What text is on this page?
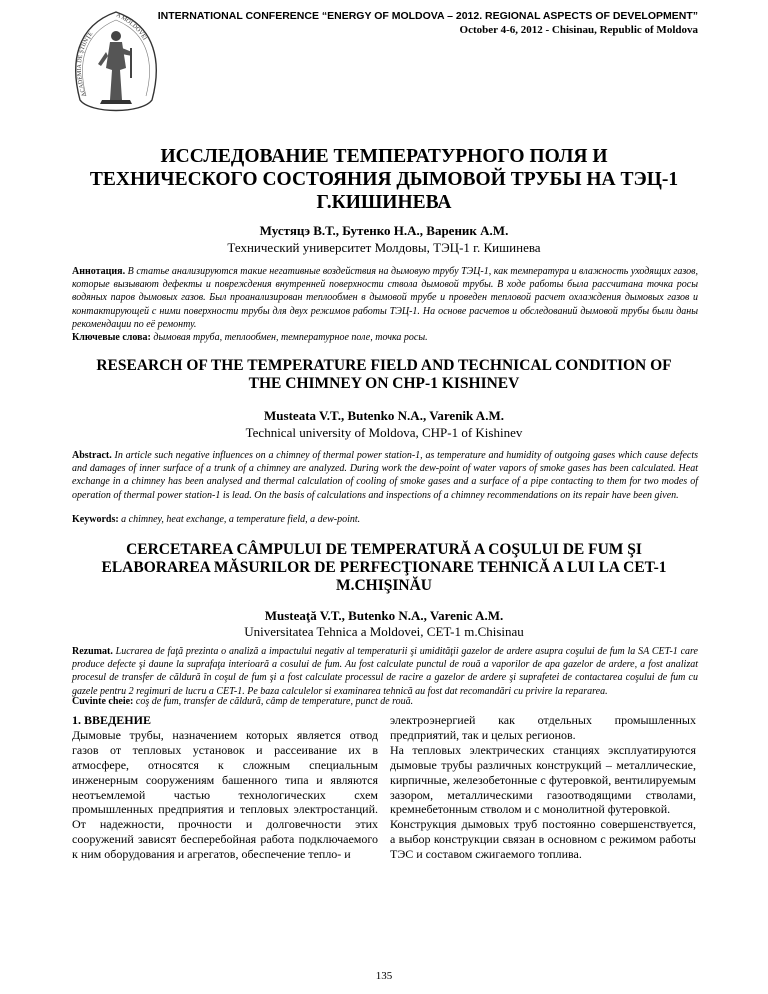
ACADEMIA DE ŞTIINŢE
A MOLDOVEI
INTERNATIONAL CONFERENCE “ENERGY OF MOLDOVA – 2012. REGIONAL ASPECTS OF DEVELOPMENT”
October 4-6, 2012 - Chisinau, Republic of Moldova
ИССЛЕДОВАНИЕ ТЕМПЕРАТУРНОГО ПОЛЯ И ТЕХНИЧЕСКОГО СОСТОЯНИЯ ДЫМОВОЙ ТРУБЫ НА ТЭЦ-1 Г.КИШИНЕВА
Мустяцэ В.Т., Бутенко Н.А., Вареник А.М.
Технический университет Молдовы, ТЭЦ-1 г. Кишинева

Аннотация. В статье анализируются такие негативные воздействия на дымовую трубу ТЭЦ-1, как температура и влажность уходящих газов, которые вызывают дефекты и повреждения внутренней поверхности ствола дымовой трубы. В ходе работы была рассчитана точка росы водяных паров дымовых газов. Был проанализирован теплообмен в дымовой трубе и проведен тепловой расчет охлаждения дымовых газов и контактирующей с ними поверхности трубы для двух режимов работы ТЭЦ-1. На основе расчетов и обследований дымовой трубы были даны рекомендации по её ремонту.

Ключевые слова: дымовая труба, теплообмен, температурное поле, точка росы.

RESEARCH OF THE TEMPERATURE FIELD AND TECHNICAL CONDITION OF THE CHIMNEY ON CHP-1 KISHINEV
Musteata V.T., Butenko N.A., Varenik A.M.
Technical university of Moldova, CHP-1 of Kishinev

Abstract. In article such negative influences on a chimney of thermal power station-1, as temperature and humidity of outgoing gases which cause defects and damages of inner surface of a trunk of a chimney are analyzed. During work the dew-point of water vapors of smoke gases has been calculated. Heat exchange in a chimney has been analysed and thermal calculation of cooling of smoke gases and a surface of a pipe contacting to them for two modes of operation of thermal power station-1 is lead. On the basis of calculations and inspections of a chimney recommendations on its repair have been given.

Keywords: a chimney, heat exchange, a temperature field, a dew-point.

CERCETAREA CÂMPULUI DE TEMPERATURĂ A COŞULUI DE FUM ŞI ELABORAREA MĂSURILOR DE PERFECŢIONARE TEHNICĂ A LUI LA CET-1 M.CHIŞINĂU
Musteaţă V.T., Butenko N.A., Varenic A.M.
Universitatea Tehnica a Moldovei, CET-1 m.Chisinau

Rezumat. Lucrarea de faţă prezinta o analiză a impactului negativ al temperaturii şi umidităţii gazelor de ardere asupra coşului de fum la SA CET-1 care produce defecte şi daune la suprafaţa interioară a cosului de fum. Au fost calculate punctul de rouă a vaporilor de apa gazelor de ardere, a fost analizat procesul de transfer de căldură în coşul de fum şi a fost calculate processul de racire a gazelor de ardere şi suprafetei de contactarea coşului de fum cu gazele pentru 2 regimuri de lucru a CET-1. Pe baza calculelor si examinarea tehnică au fost dat recomandări cu privire la repararea.

Cuvinte cheie: coş de fum, transfer de căldură, câmp de temperature, punct de rouă.

1. ВВЕДЕНИЕ

Дымовые трубы, назначением которых является отвод газов от тепловых установок и рассеивание их в атмосфере, относятся к сложным специальным инженерным сооружениям башенного типа и являются неотъемлемой частью технологических схем промышленных предприятия и тепловых электростанций. От надежности, прочности и долговечности этих сооружений зависят бесперебойная работа подключаемого к ним оборудования и агрегатов, обеспечение тепло- и

электроэнергией как отдельных промышленных предприятий, так и целых регионов.

На тепловых электрических станциях эксплуатируются дымовые трубы различных конструкций – металлические, кирпичные, железобетонные с футеровкой, вентилируемым зазором, металлическими газоотводящими стволами, кремнебетонным стволом и с монолитной футеровкой.

Конструкция дымовых труб постоянно совершенствуется, а выбор конструкции связан в основном с режимом работы ТЭС и составом сжигаемого топлива.

135
